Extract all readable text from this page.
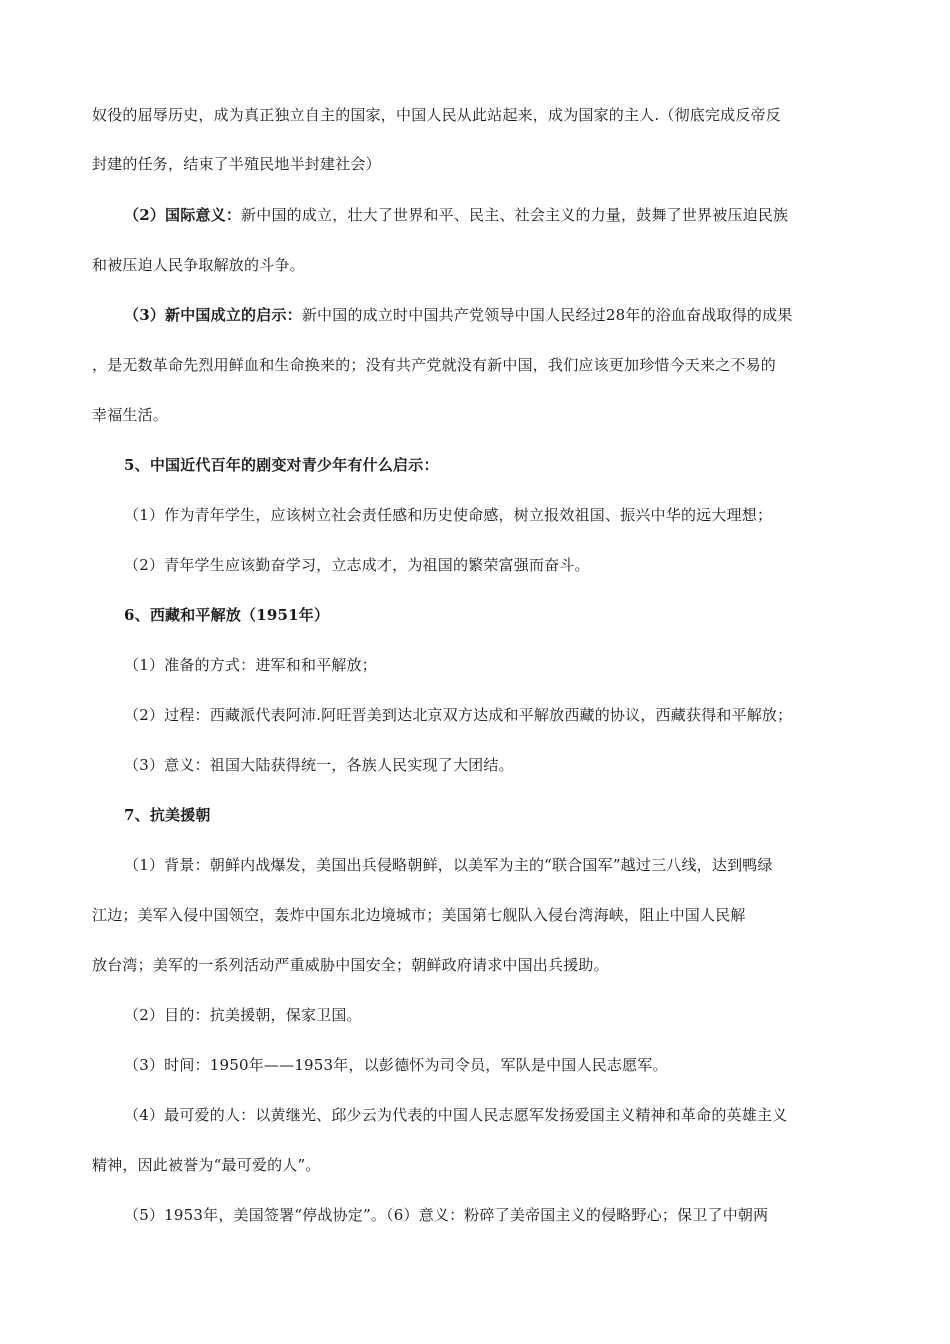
奴役的屈辱历史，成为真正独立自主的国家，中国人民从此站起来，成为国家的主人.（彻底完成反帝反
封建的任务，结束了半殖民地半封建社会）
（2）国际意义：新中国的成立，壮大了世界和平、民主、社会主义的力量，鼓舞了世界被压迫民族
和被压迫人民争取解放的斗争。
（3）新中国成立的启示：新中国的成立时中国共产党领导中国人民经过28年的浴血奋战取得的成果
，是无数革命先烈用鲜血和生命换来的；没有共产党就没有新中国，我们应该更加珍惜今天来之不易的
幸福生活。
5、中国近代百年的剧变对青少年有什么启示：
（1）作为青年学生，应该树立社会责任感和历史使命感，树立报效祖国、振兴中华的远大理想；
（2）青年学生应该勤奋学习，立志成才，为祖国的繁荣富强而奋斗。
6、西藏和平解放（1951年）
（1）准备的方式：进军和和平解放；
（2）过程：西藏派代表阿沛.阿旺晋美到达北京双方达成和平解放西藏的协议，西藏获得和平解放；
（3）意义：祖国大陆获得统一，各族人民实现了大团结。
7、抗美援朝
（1）背景：朝鲜内战爆发，美国出兵侵略朝鲜，以美军为主的“联合国军”越过三八线，达到鸭绿
江边；美军入侵中国领空，轰炸中国东北边境城市；美国第七舰队入侵台湾海峡，阻止中国人民解
放台湾；美军的一系列活动严重威胁中国安全；朝鲜政府请求中国出兵援助。
（2）目的：抗美援朝，保家卫国。
（3）时间：1950年——1953年，以彭德怀为司令员，军队是中国人民志愿军。
（4）最可爱的人：以黄继光、邱少云为代表的中国人民志愿军发扬爱国主义精神和革命的英雄主义
精神，因此被誉为“最可爱的人”。
（5）1953年，美国签署“停战协定”。（6）意义：粉碎了美帝国主义的侵略野心；保卫了中朝两
